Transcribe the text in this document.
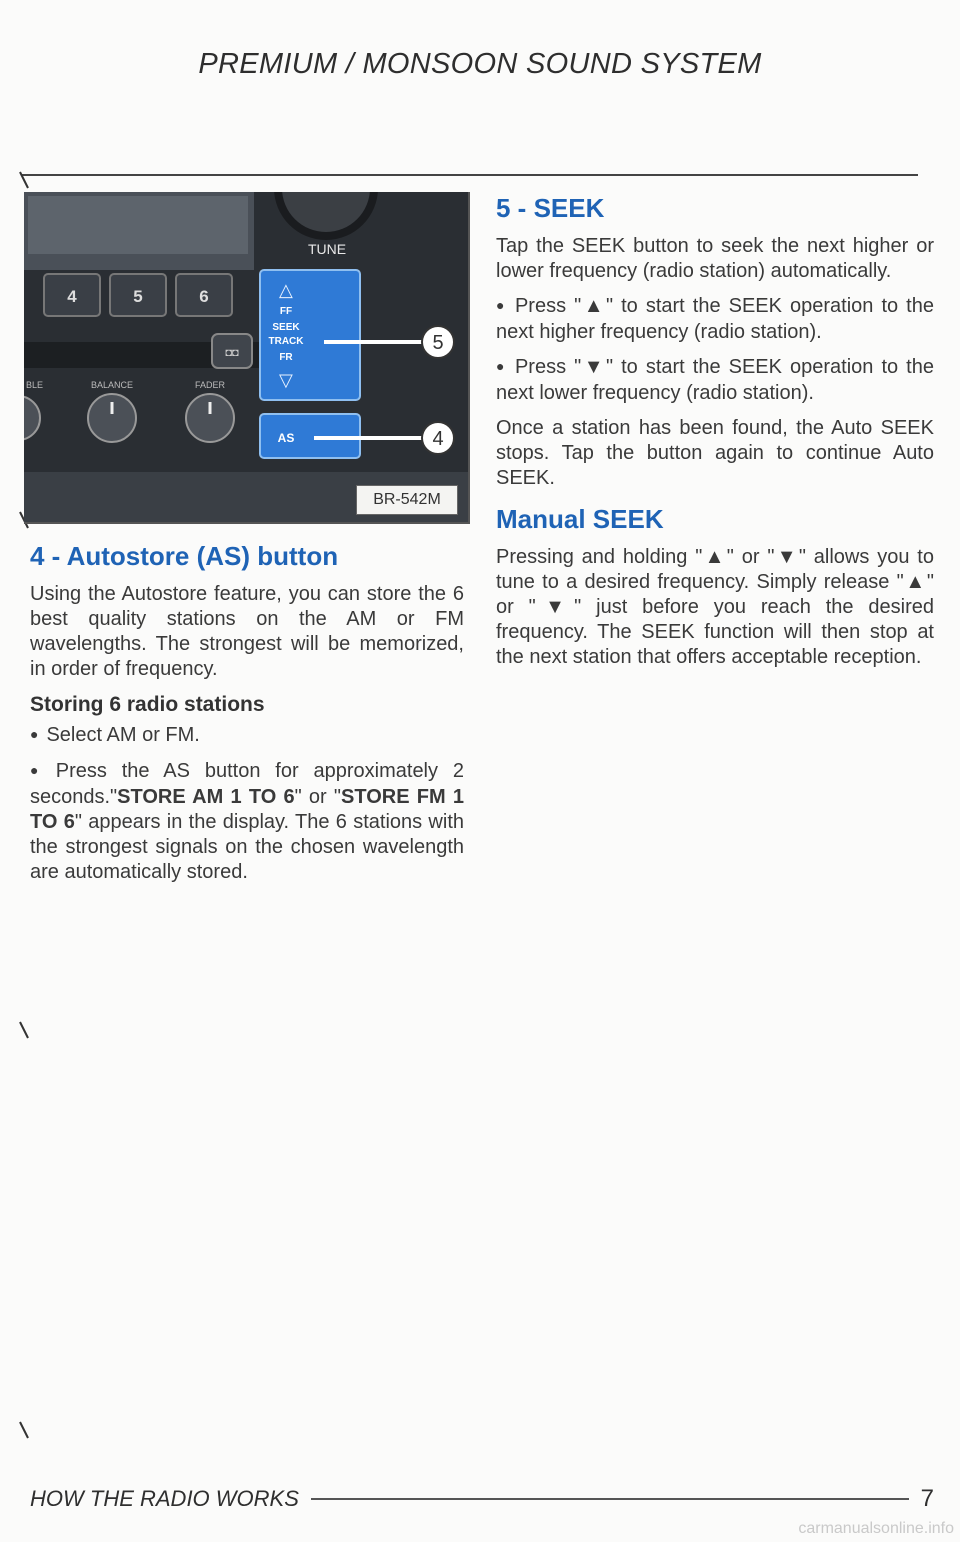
PREMIUM / MONSOON SOUND SYSTEM
4	5	6
◘◘
BLE	BALANCE	FADER
TUNE
△
FF
SEEK
TRACK
FR
▽
AS
5
4
BR-542M
4 - Autostore (AS) button

Using the Autostore feature, you can store the 6 best quality stations on the AM or FM wavelengths. The strongest will be memorized, in order of frequency.

Storing 6 radio stations

● Select AM or FM.

● Press the AS button for approximately 2 seconds."STORE AM 1 TO 6" or "STORE FM 1 TO 6" appears in the display. The 6 stations with the strongest signals on the chosen wavelength are automatically stored.

5 - SEEK

Tap the SEEK button to seek the next higher or lower frequency (radio station) automatically.

● Press "▲" to start the SEEK operation to the next higher frequency (radio station).

● Press "▼" to start the SEEK operation to the next lower frequency (radio station).

Once a station has been found, the Auto SEEK stops. Tap the button again to continue Auto SEEK.

Manual SEEK

Pressing and holding "▲" or "▼" allows you to tune to a desired frequency. Simply release "▲" or "▼" just before you reach the desired frequency. The SEEK function will then stop at the next station that offers acceptable reception.

HOW THE RADIO WORKS	7
carmanualsonline.info
